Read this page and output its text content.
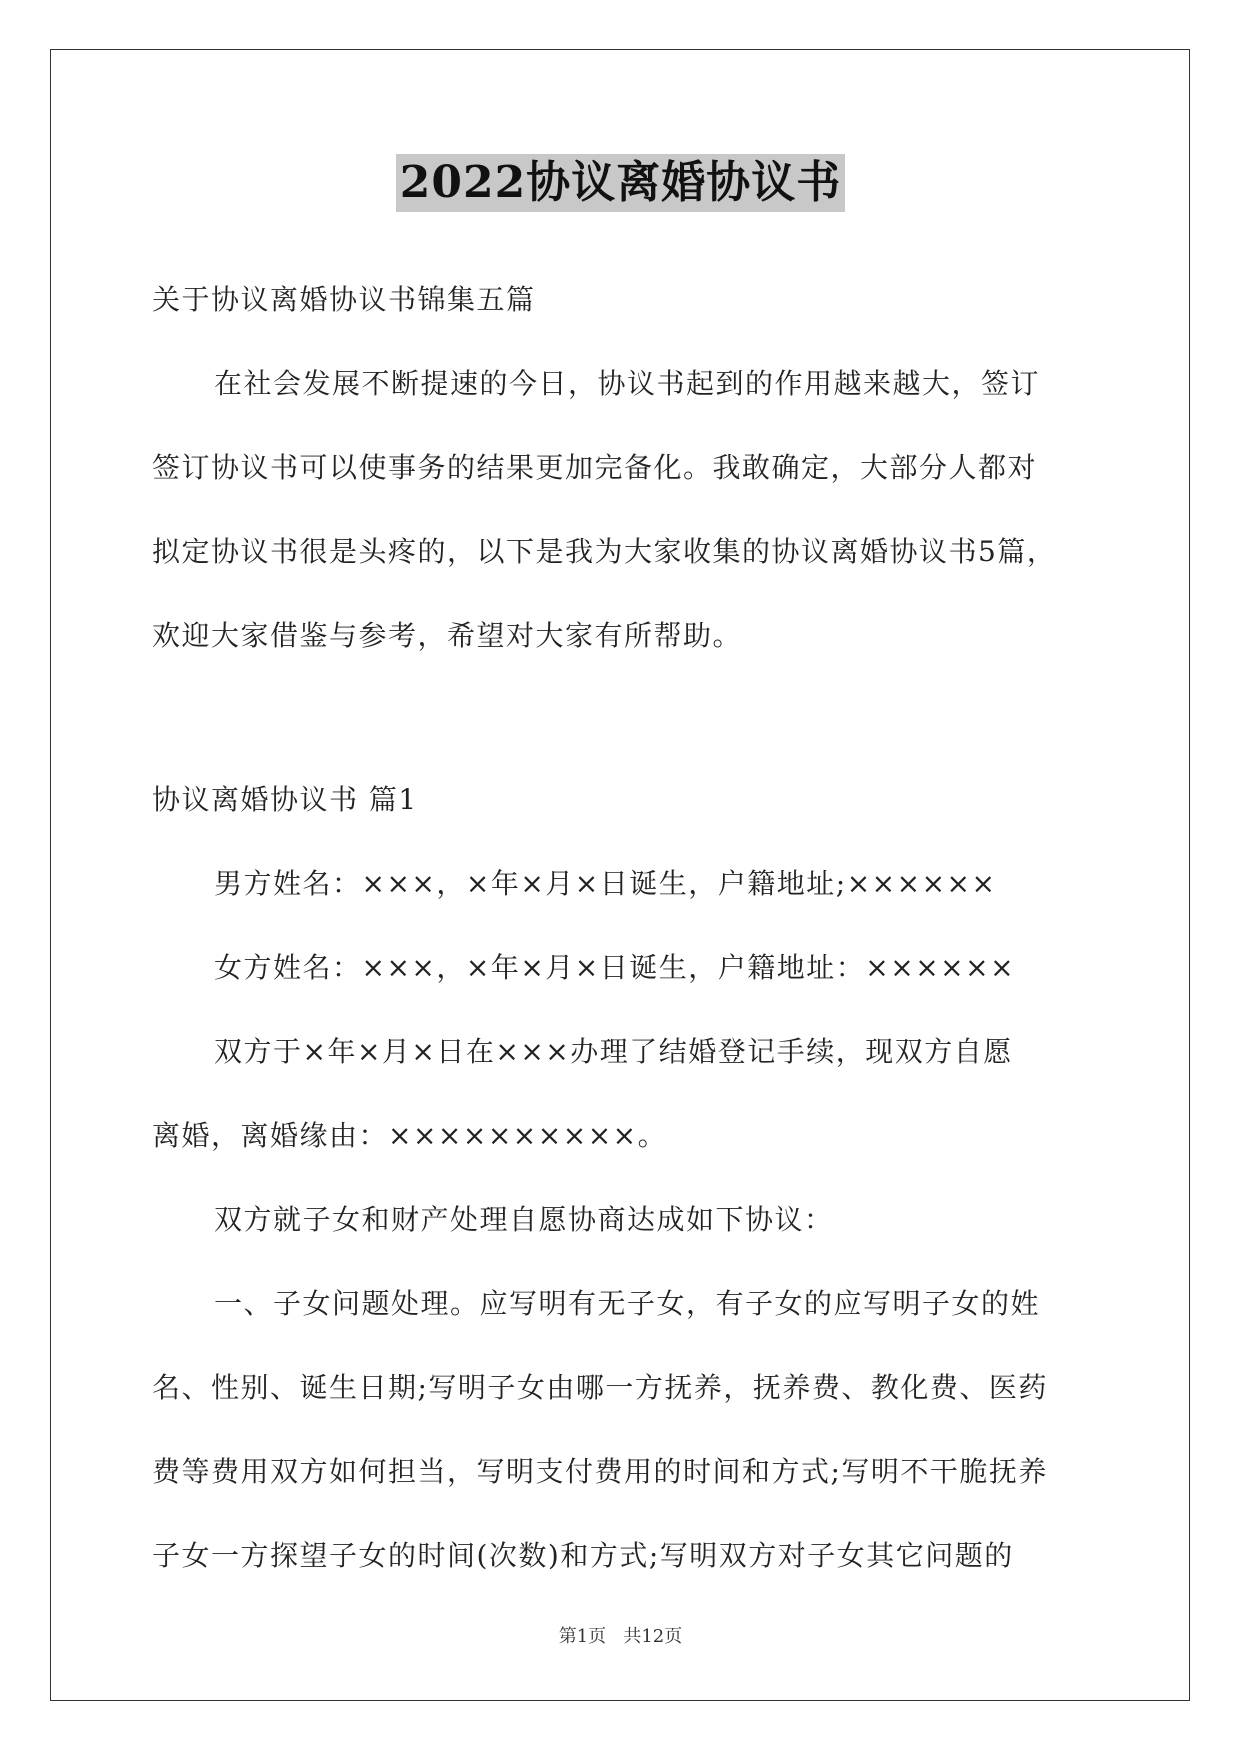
2022协议离婚协议书
关于协议离婚协议书锦集五篇
在社会发展不断提速的今日，协议书起到的作用越来越大，签订
签订协议书可以使事务的结果更加完备化。我敢确定，大部分人都对
拟定协议书很是头疼的，以下是我为大家收集的协议离婚协议书5篇，
欢迎大家借鉴与参考，希望对大家有所帮助。
协议离婚协议书 篇1
男方姓名：×××，×年×月×日诞生，户籍地址;××××××
女方姓名：×××，×年×月×日诞生，户籍地址：××××××
双方于×年×月×日在×××办理了结婚登记手续，现双方自愿
离婚，离婚缘由：××××××××××。
双方就子女和财产处理自愿协商达成如下协议：
一、子女问题处理。应写明有无子女，有子女的应写明子女的姓
名、性别、诞生日期;写明子女由哪一方抚养，抚养费、教化费、医药
费等费用双方如何担当，写明支付费用的时间和方式;写明不干脆抚养
子女一方探望子女的时间(次数)和方式;写明双方对子女其它问题的
第1页   共12页
